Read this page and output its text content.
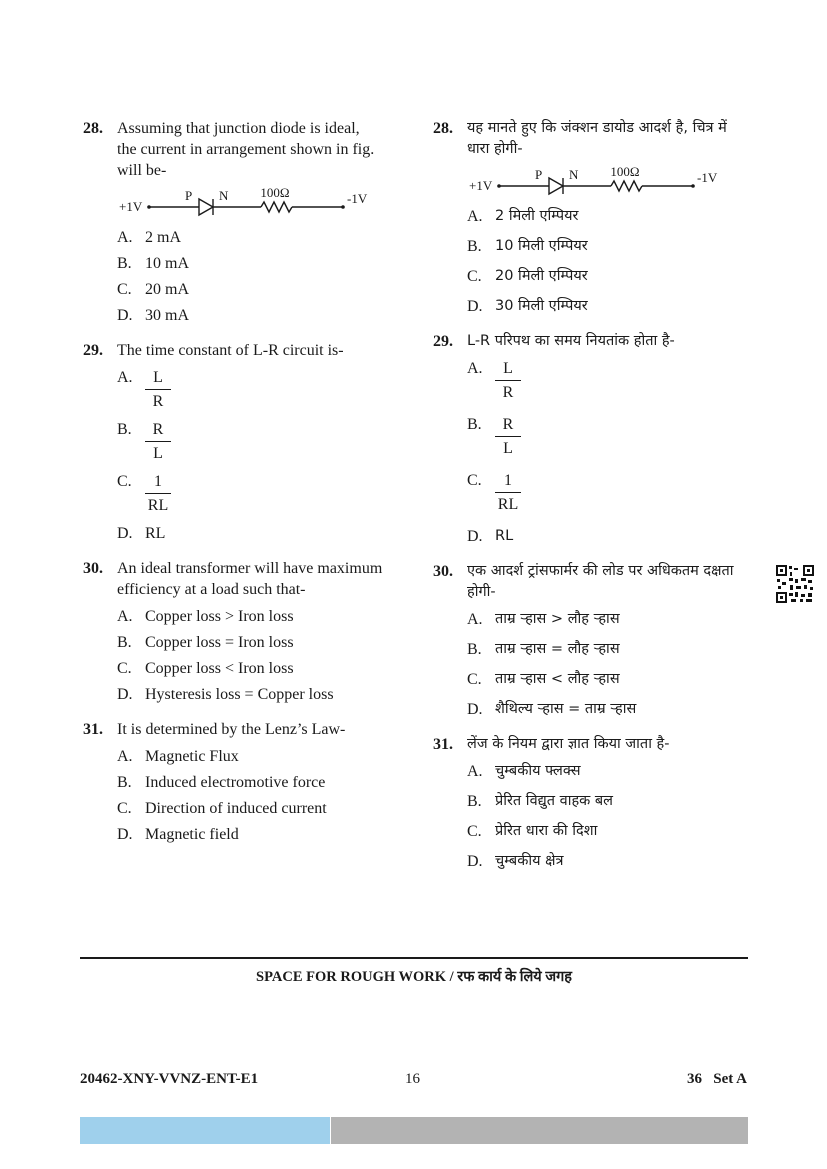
28. Assuming that junction diode is ideal, the current in arrangement shown in fig. will be-
+1V
P N 100Ω	-1V
A. 2 mA
B. 10 mA
C. 20 mA
D. 30 mA
29. The time constant of L-R circuit is-
A. $\frac{L}{R}$
B. $\frac{R}{L}$
C. $\frac{1}{RL}$
D. RL
30. An ideal transformer will have maximum efficiency at a load such that-
A. Copper loss > Iron loss
B. Copper loss = Iron loss
C. Copper loss < Iron loss
D. Hysteresis loss = Copper loss
31. It is determined by the Lenz’s Law-
A. Magnetic Flux
B. Induced electromotive force
C. Direction of induced current
D. Magnetic field
28. यह मानते हुए कि जंक्शन डायोड आदर्श है, चित्र में धारा होगी-
+1V
P N 100Ω	-1V
A. 2 मिली एम्पियर
B. 10 मिली एम्पियर
C. 20 मिली एम्पियर
D. 30 मिली एम्पियर
29. L-R परिपथ का समय नियतांक होता है-
A. $\frac{L}{R}$
B. $\frac{R}{L}$
C. $\frac{1}{RL}$
D. RL
30. एक आदर्श ट्रांसफार्मर की लोड पर अधिकतम दक्षता होगी-
A. ताम्र ऱ्हास > लौह ऱ्हास
B. ताम्र ऱ्हास = लौह ऱ्हास
C. ताम्र ऱ्हास < लौह ऱ्हास
D. शैथिल्य ऱ्हास = ताम्र ऱ्हास
31. लेंज के नियम द्वारा ज्ञात किया जाता है-
A. चुम्बकीय फ्लक्स
B. प्रेरित विद्युत वाहक बल
C. प्रेरित धारा की दिशा
D. चुम्बकीय क्षेत्र
SPACE FOR ROUGH WORK / रफ कार्य के लिये जगह
20462-XNY-VVNZ-ENT-E1	16	36   Set A
